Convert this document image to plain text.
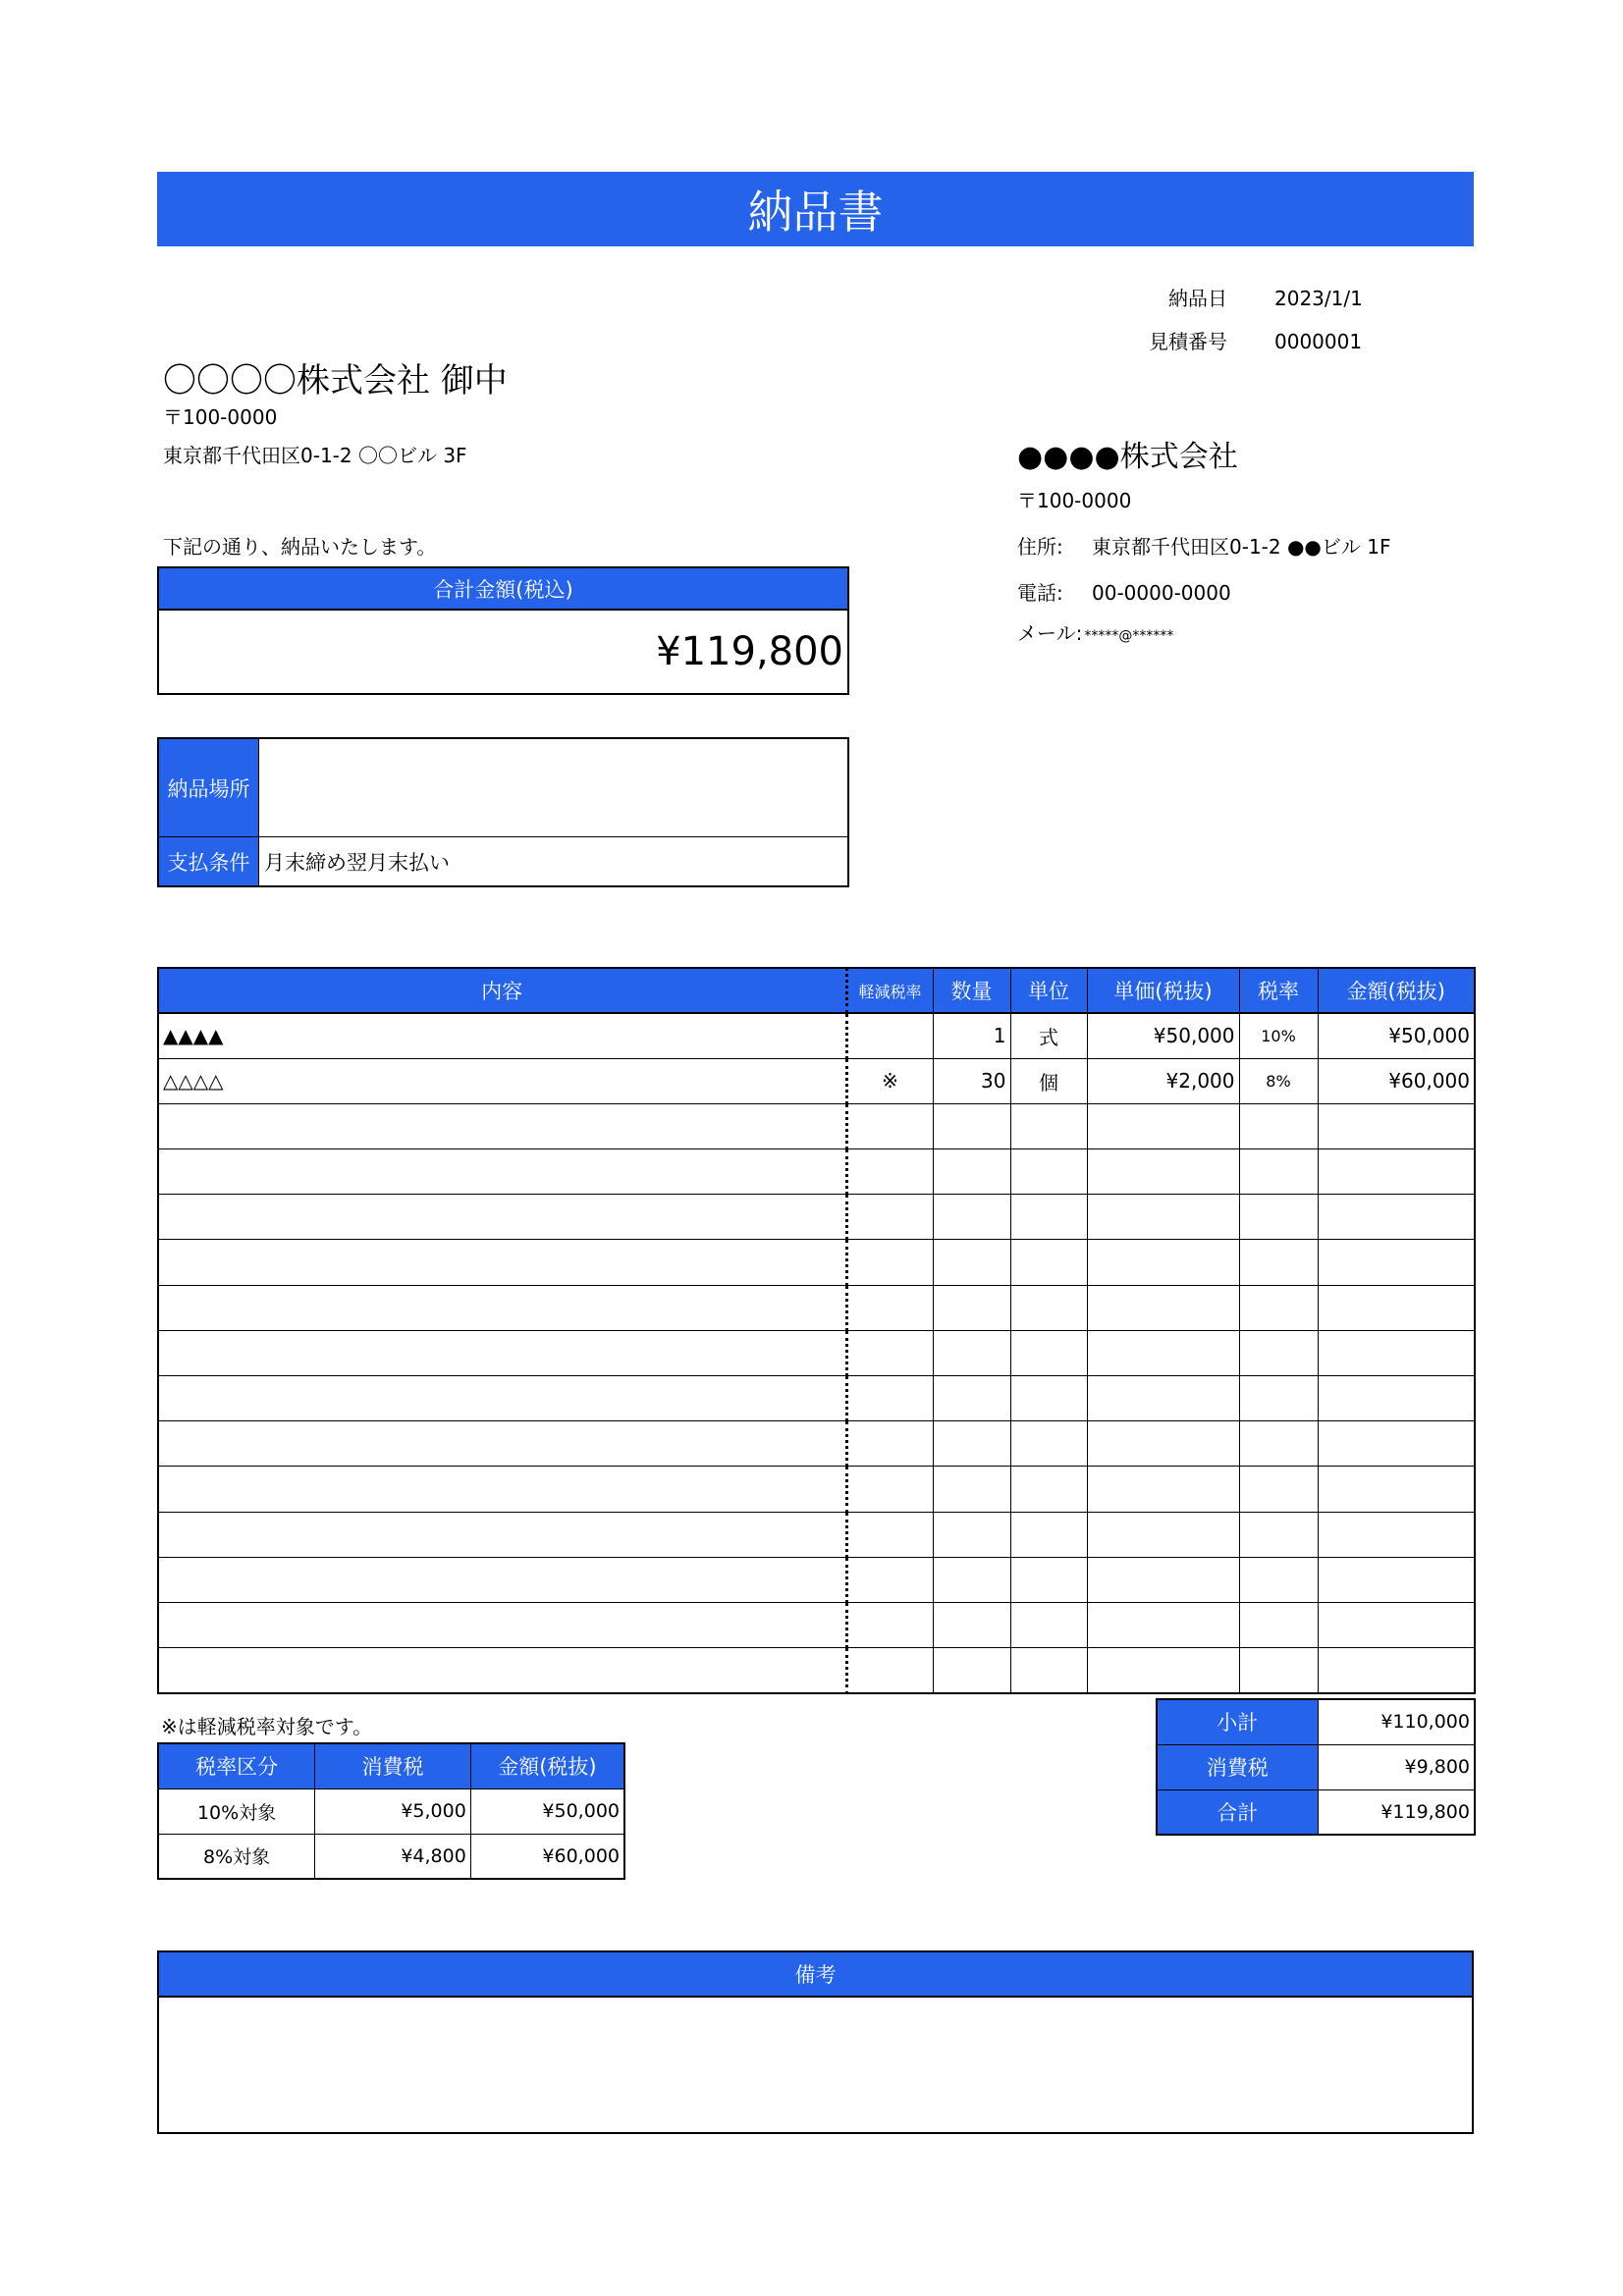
納品書
納品日 2023/1/1
見積番号 0000001
〇〇〇〇株式会社 御中
〒100-0000
東京都千代田区0-1-2 〇〇ビル 3F
下記の通り、納品いたします。
合計金額(税込)
¥119,800
●●●●株式会社
〒100-0000
住所: 東京都千代田区0-1-2 ●●ビル 1F
電話: 00-0000-0000
メール: *****@******
納品場所
支払条件 月末締め翌月末払い
内容	軽減税率	数量	単位	単価(税抜)	税率	金額(税抜)
▲▲▲▲		1	式	¥50,000	10%	¥50,000
△△△△	※	30	個	¥2,000	8%	¥60,000

※は軽減税率対象です。
税率区分	消費税	金額(税抜)
10%対象	¥5,000	¥50,000
8%対象	¥4,800	¥60,000
小計	¥110,000
消費税	¥9,800
合計	¥119,800
備考
